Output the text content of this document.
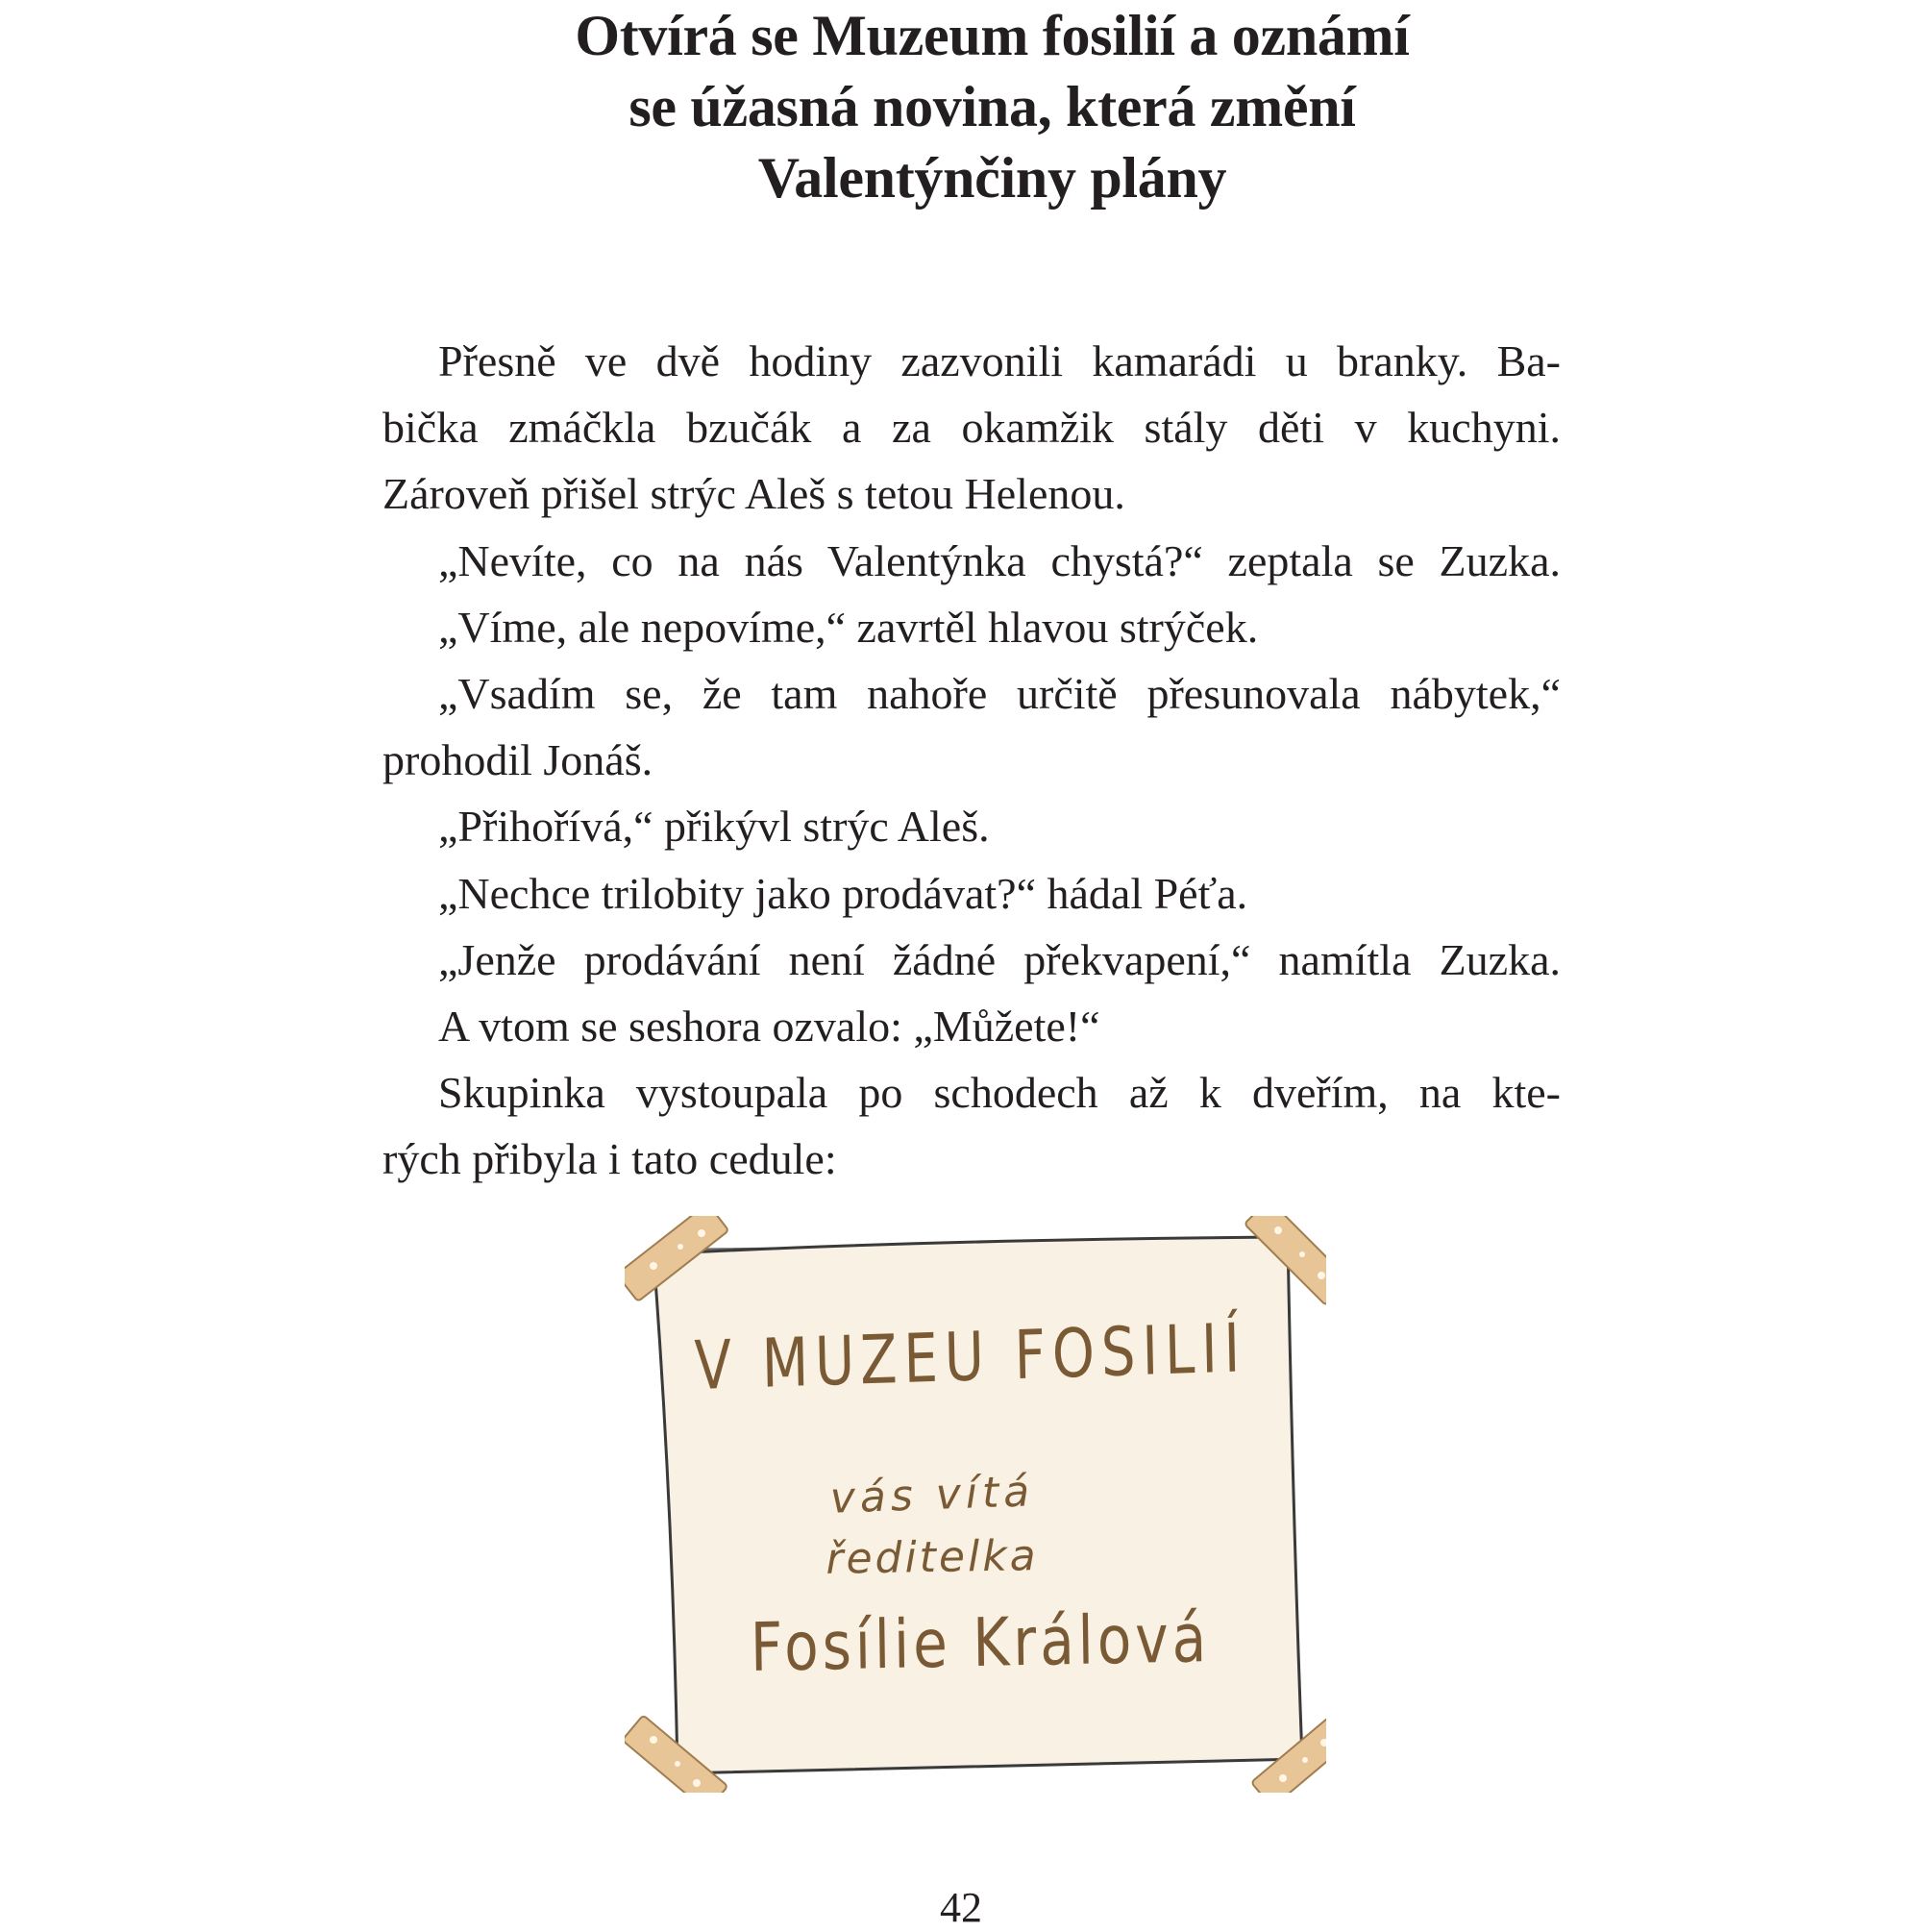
Otvírá se Muzeum fosilií a oznámí
se úžasná novina, která změní
Valentýnčiny plány
Přesně ve dvě hodiny zazvonili kamarádi u branky. Ba-
bička zmáčkla bzučák a za okamžik stály děti v kuchyni.
Zároveň přišel strýc Aleš s tetou Helenou.
„Nevíte, co na nás Valentýnka chystá?“ zeptala se Zuzka.
„Víme, ale nepovíme,“ zavrtěl hlavou strýček.
„Vsadím se, že tam nahoře určitě přesunovala nábytek,“
prohodil Jonáš.
„Přihořívá,“ přikývl strýc Aleš.
„Nechce trilobity jako prodávat?“ hádal Péťa.
„Jenže prodávání není žádné překvapení,“ namítla Zuzka.
A vtom se seshora ozvalo: „Můžete!“
Skupinka vystoupala po schodech až k dveřím, na kte-
rých přibyla i tato cedule:
V MUZEU FOSILIÍ
vás vítá
ředitelka
Fosílie Králová
42
